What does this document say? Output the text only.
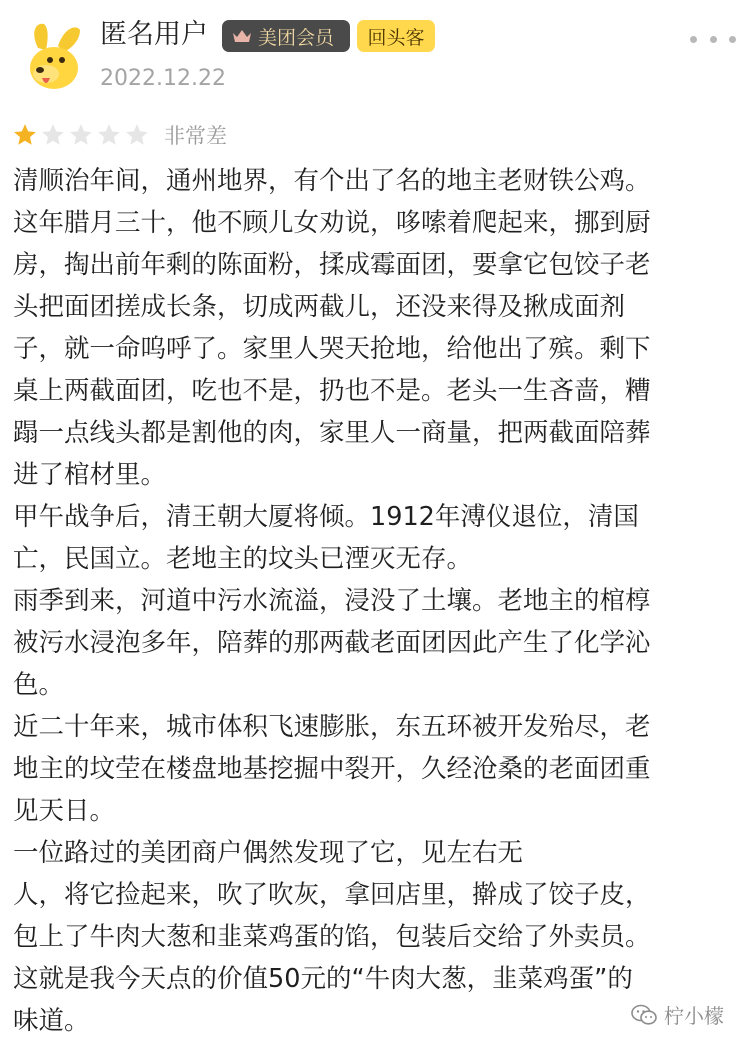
匿名用户	美团会员	回头客
2022.12.22
非常差

清顺治年间，通州地界，有个出了名的地主老财铁公鸡。

这年腊月三十，他不顾儿女劝说，哆嗦着爬起来，挪到厨

房，掏出前年剩的陈面粉，揉成霉面团，要拿它包饺子老

头把面团搓成长条，切成两截儿，还没来得及揪成面剂

子，就一命呜呼了。家里人哭天抢地，给他出了殡。剩下

桌上两截面团，吃也不是，扔也不是。老头一生吝啬，糟

蹋一点线头都是割他的肉，家里人一商量，把两截面陪葬

进了棺材里。

甲午战争后，清王朝大厦将倾。1912年溥仪退位，清国

亡，民国立。老地主的坟头已湮灭无存。

雨季到来，河道中污水流溢，浸没了土壤。老地主的棺椁

被污水浸泡多年，陪葬的那两截老面团因此产生了化学沁

色。

近二十年来，城市体积飞速膨胀，东五环被开发殆尽，老

地主的坟茔在楼盘地基挖掘中裂开，久经沧桑的老面团重

见天日。

一位路过的美团商户偶然发现了它，见左右无

人，将它捡起来，吹了吹灰，拿回店里，擀成了饺子皮，

包上了牛肉大葱和韭菜鸡蛋的馅，包装后交给了外卖员。

这就是我今天点的价值50元的“牛肉大葱，韭菜鸡蛋”的

味道。	柠小檬
